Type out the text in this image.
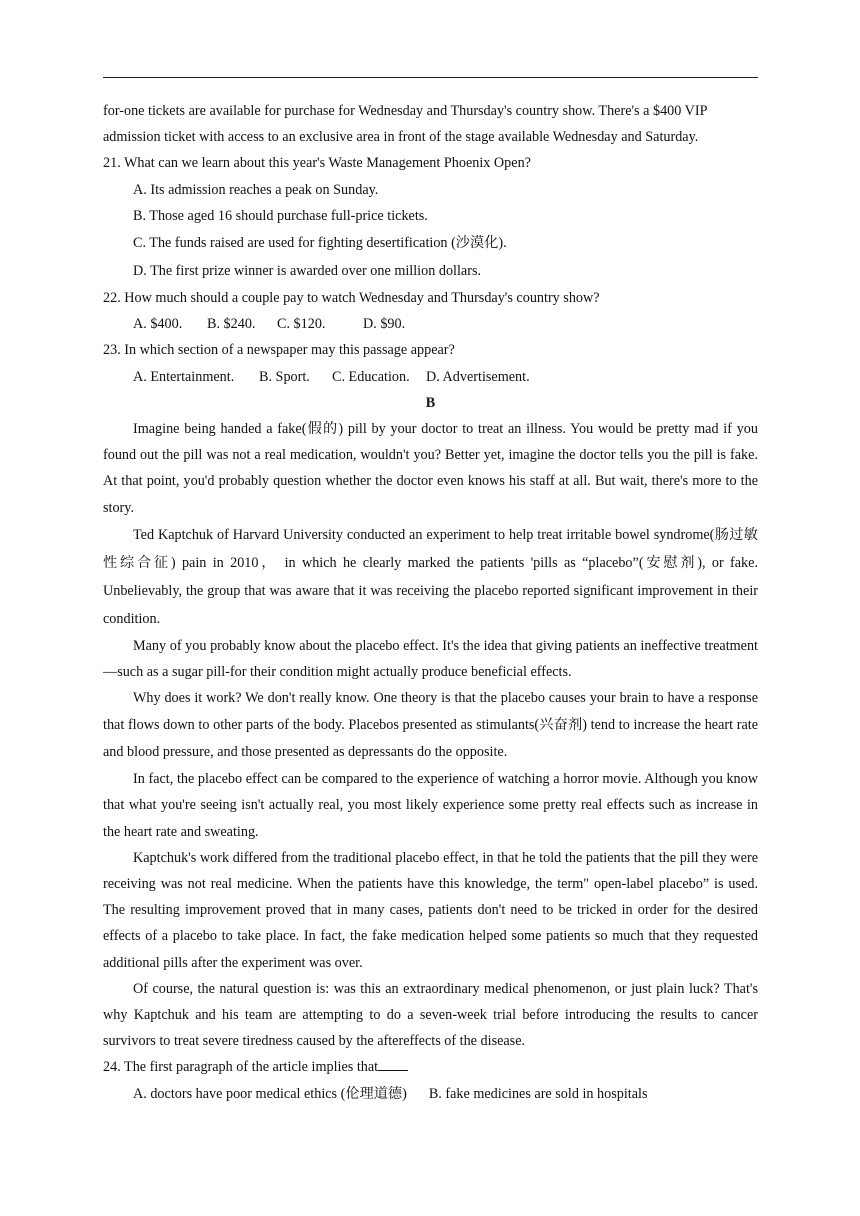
for-one tickets are available for purchase for Wednesday and Thursday's country show. There's a $400 VIP
admission ticket with access to an exclusive area in front of the stage available Wednesday and Saturday.
21. What can we learn about this year's Waste Management Phoenix Open?
A. Its admission reaches a peak on Sunday.
B. Those aged 16 should purchase full-price tickets.
C. The funds raised are used for fighting desertification (沙漠化).
D. The first prize winner is awarded over one million dollars.
22. How much should a couple pay to watch Wednesday and Thursday's country show?
A. $400. B. $240. C. $120.	D. $90.
23. In which section of a newspaper may this passage appear?
A. Entertainment. B. Sport. C. Education. D. Advertisement.
B
Imagine being handed a fake(假的) pill by your doctor to treat an illness. You would be pretty mad if you found out the pill was not a real medication, wouldn't you? Better yet, imagine the doctor tells you the pill is fake. At that point, you'd probably question whether the doctor even knows his staff at all. But wait, there's more to the story.
Ted Kaptchuk of Harvard University conducted an experiment to help treat irritable bowel syndrome(肠过敏性综合征) pain in 2010， in which he clearly marked the patients 'pills as “placebo”(安慰剂), or fake. Unbelievably, the group that was aware that it was receiving the placebo reported significant improvement in their condition.
Many of you probably know about the placebo effect. It's the idea that giving patients an ineffective treatment —such as a sugar pill-for their condition might actually produce beneficial effects.
Why does it work? We don't really know. One theory is that the placebo causes your brain to have a response that flows down to other parts of the body. Placebos presented as stimulants(兴奋剂) tend to increase the heart rate and blood pressure, and those presented as depressants do the opposite.
In fact, the placebo effect can be compared to the experience of watching a horror movie. Although you know that what you're seeing isn't actually real, you most likely experience some pretty real effects such as increase in the heart rate and sweating.
Kaptchuk's work differed from the traditional placebo effect, in that he told the patients that the pill they were receiving was not real medicine. When the patients have this knowledge, the term" open-label placebo” is used. The resulting improvement proved that in many cases, patients don't need to be tricked in order for the desired effects of a placebo to take place. In fact, the fake medication helped some patients so much that they requested additional pills after the experiment was over.
Of course, the natural question is: was this an extraordinary medical phenomenon, or just plain luck? That's why Kaptchuk and his team are attempting to do a seven-week trial before introducing the results to cancer survivors to treat severe tiredness caused by the aftereffects of the disease.
24. The first paragraph of the article implies that
A. doctors have poor medical ethics (伦理道德) B. fake medicines are sold in hospitals
